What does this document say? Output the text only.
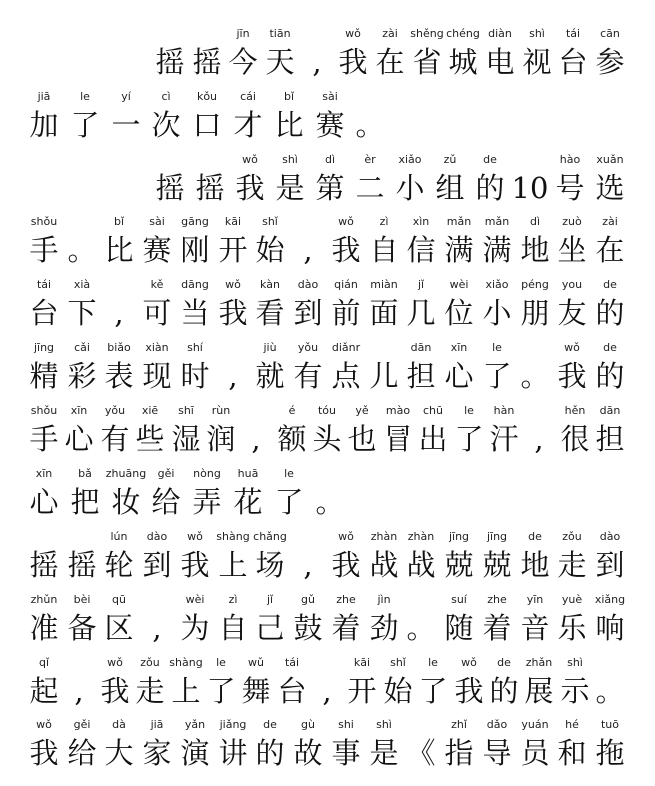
摇 摇
jīn
今
tiān
天 ,
wǒ
我
zài
在
shěng
省
chéng
城
diàn
电
shì
视
tái
台
cān
参
jiā
加
le
了
yí
一
cì
次
kǒu
口
cái
才
bǐ
比
sài
赛 。
摇 摇
wǒ
我
shì
是
dì
第
èr
二
xiǎo
小
zǔ
组
de
的 10
hào
号
xuǎn
选
shǒu
手 。
bǐ
比
sài
赛
gāng
刚
kāi
开
shǐ
始 ,
wǒ
我
zì
自
xìn
信
mǎn
满
mǎn
满
dì
地
zuò
坐
zài
在
tái
台
xià
下 ,
kě
可
dāng
当
wǒ
我
kàn
看
dào
到
qián
前
miàn
面
jǐ
几
wèi
位
xiǎo
小
péng
朋
you
友
de
的
jīng
精
cǎi
彩
biǎo
表
xiàn
现
shí
时 ,
jiù
就
yǒu
有
diǎnr
点 儿
dān
担
xīn
心
le
了 。
wǒ
我
de
的
shǒu
手
xīn
心
yǒu
有
xiē
些
shī
湿
rùn
润 ,
é
额
tóu
头
yě
也
mào
冒
chū
出
le
了
hàn
汗 ,
hěn
很
dān
担
xīn
心
bǎ
把
zhuāng
妆
gěi
给
nòng
弄
huā
花
le
了 。
摇 摇
lún
轮
dào
到
wǒ
我
shàng
上
chǎng
场 ,
wǒ
我
zhàn
战
zhàn
战
jīng
兢
jīng
兢
de
地
zǒu
走
dào
到
zhǔn
准
bèi
备
qū
区 ,
wèi
为
zì
自
jǐ
己
gǔ
鼓
zhe
着
jìn
劲 。
suí
随
zhe
着
yīn
音
yuè
乐
xiǎng
响
qǐ
起 ,
wǒ
我
zǒu
走
shàng
上
le
了
wǔ
舞
tái
台 ,
kāi
开
shǐ
始
le
了
wǒ
我
de
的
zhǎn
展
shì
示 。
wǒ
我
gěi
给
dà
大
jiā
家
yǎn
演
jiǎng
讲
de
的
gù
故
shi
事
shì
是 《
zhǐ
指
dǎo
导
yuán
员
hé
和
tuō
拖
